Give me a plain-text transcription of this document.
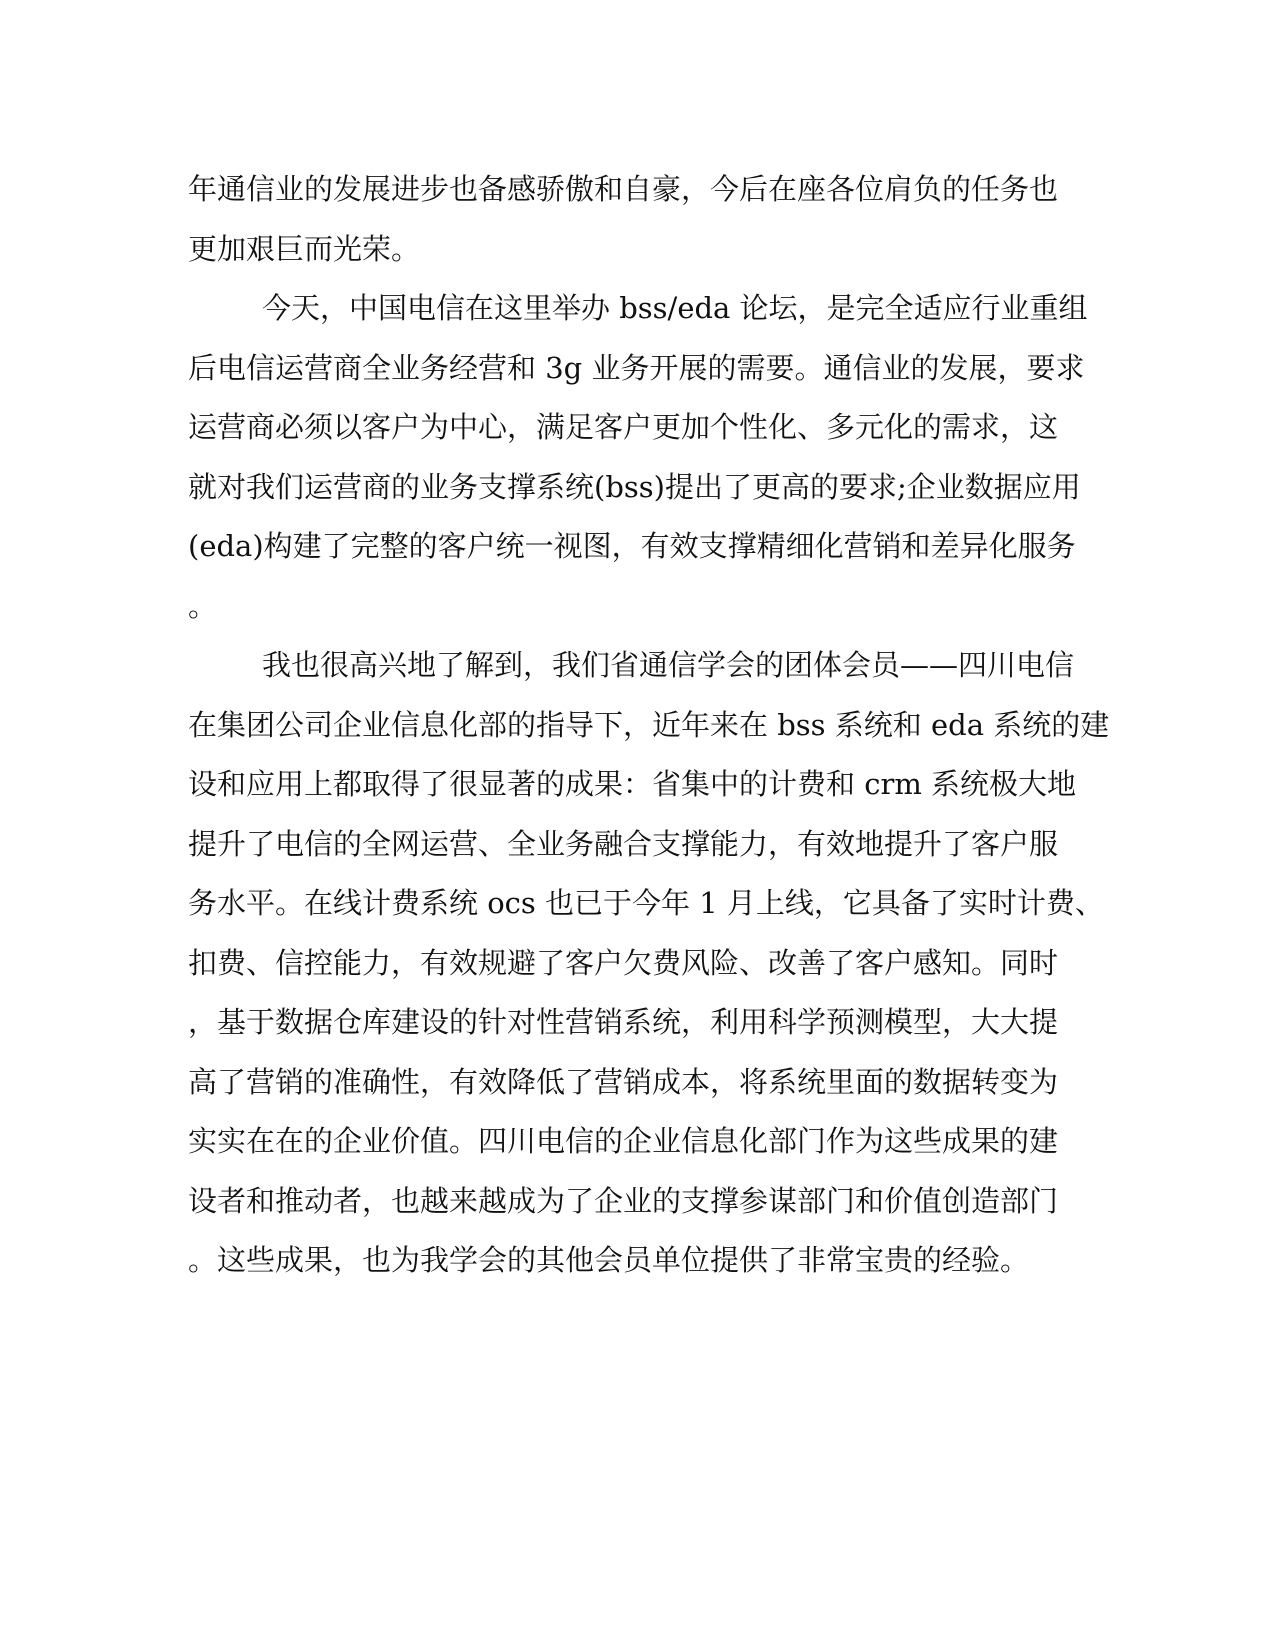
年通信业的发展进步也备感骄傲和自豪，今后在座各位肩负的任务也
更加艰巨而光荣。
今天，中国电信在这里举办 bss/eda 论坛，是完全适应行业重组
后电信运营商全业务经营和 3g 业务开展的需要。通信业的发展，要求
运营商必须以客户为中心，满足客户更加个性化、多元化的需求，这
就对我们运营商的业务支撑系统(bss)提出了更高的要求;企业数据应用
(eda)构建了完整的客户统一视图，有效支撑精细化营销和差异化服务
。
我也很高兴地了解到，我们省通信学会的团体会员——四川电信
在集团公司企业信息化部的指导下，近年来在 bss 系统和 eda 系统的建
设和应用上都取得了很显著的成果：省集中的计费和 crm 系统极大地
提升了电信的全网运营、全业务融合支撑能力，有效地提升了客户服
务水平。在线计费系统 ocs 也已于今年 1 月上线，它具备了实时计费、
扣费、信控能力，有效规避了客户欠费风险、改善了客户感知。同时
，基于数据仓库建设的针对性营销系统，利用科学预测模型，大大提
高了营销的准确性，有效降低了营销成本，将系统里面的数据转变为
实实在在的企业价值。四川电信的企业信息化部门作为这些成果的建
设者和推动者，也越来越成为了企业的支撑参谋部门和价值创造部门
。这些成果，也为我学会的其他会员单位提供了非常宝贵的经验。
